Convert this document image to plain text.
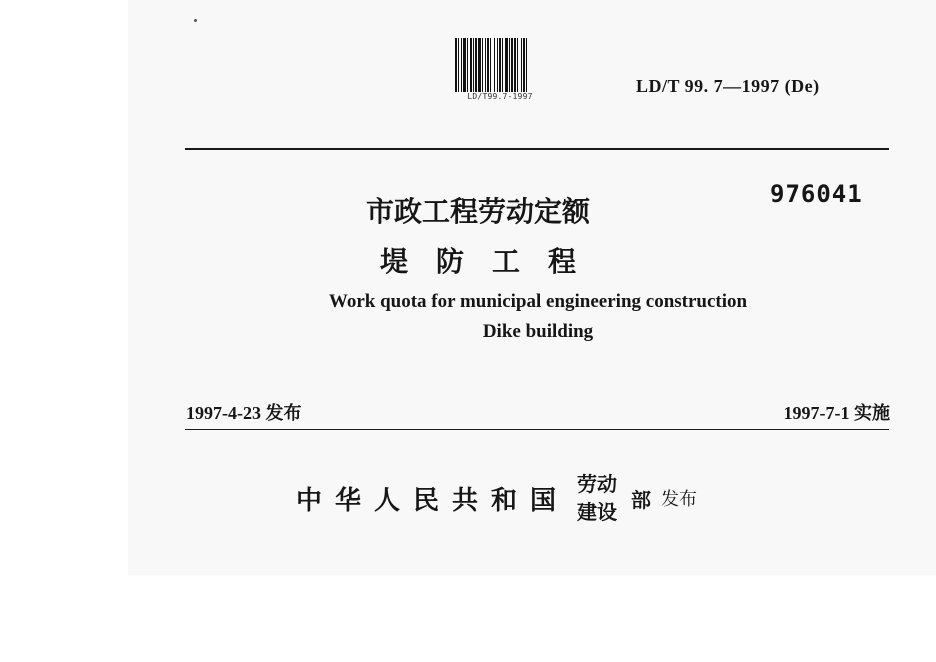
LD/T99.7-1997
LD/T 99. 7—1997 (De)
976041
市政工程劳动定额
堤防工程
Work quota for municipal engineering construction
Dike building
1997-4-23 发布	1997-7-1 实施
中华人民共和国
劳动
建设
部 发布
